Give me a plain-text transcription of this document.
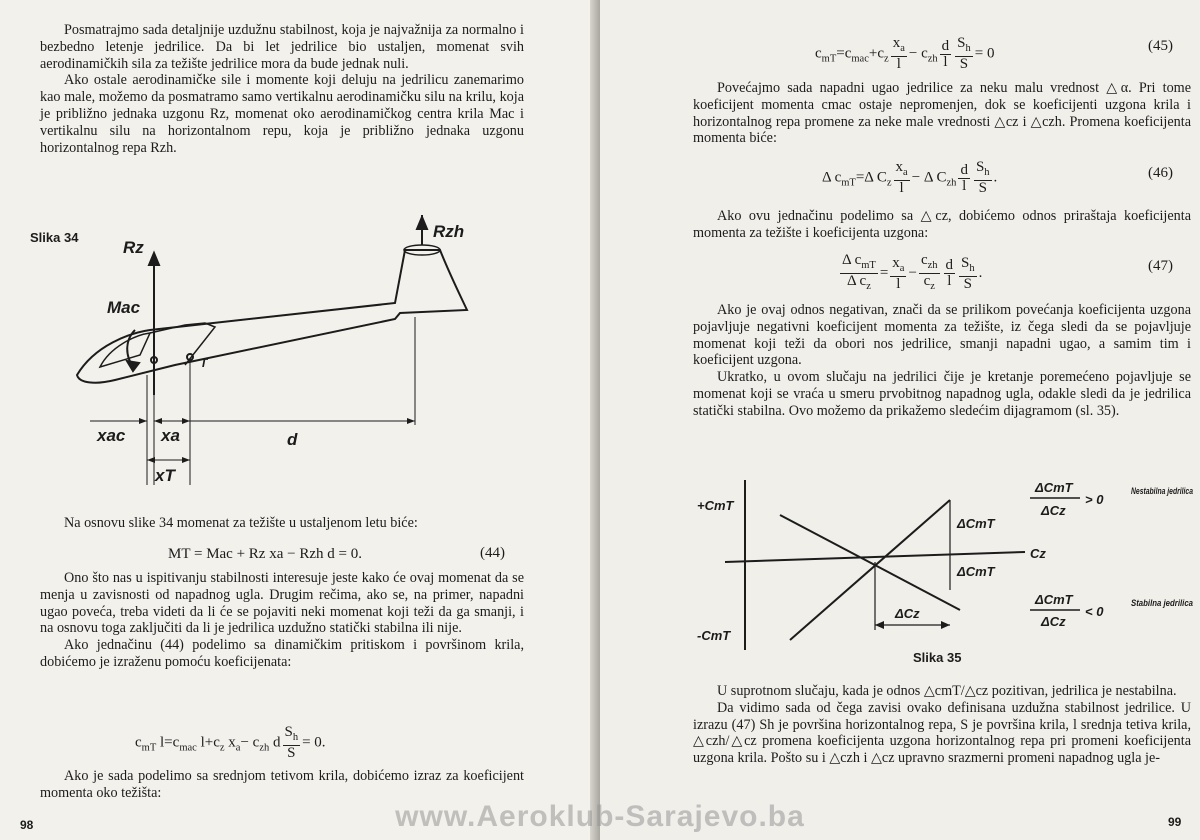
Posmatrajmo sada detaljnije uzdužnu stabilnost, koja je najvažnija za normalno i bezbedno letenje jedrilice. Da bi let jedrilice bio ustaljen, momenat svih aerodinamičkih sila za težište jedrilice mora da bude jednak nuli.

Ako ostale aerodinamičke sile i momente koji deluju na jedrilicu zanemarimo kao male, možemo da posmatramo samo vertikalnu aerodinamičku silu na krilu, koja je približno jednaka uzgonu Rz, momenat oko aerodinamičkog centra krila Mac i vertikalnu silu na horizontalnom repu, koja je približno jednaka uzgonu horizontalnog repa Rzh.

Slika 34
Rz
Rzh
Mac
T
xac xa	d
xT

Na osnovu slike 34 momenat za težište u ustaljenom letu biće:

MT = Mac + Rz xa − Rzh d = 0.	(44)

Ono što nas u ispitivanju stabilnosti interesuje jeste kako će ovaj momenat da se menja u zavisnosti od napadnog ugla. Drugim rečima, ako se, na primer, napadni ugao poveća, treba videti da li će se pojaviti neki momenat koji teži da ga smanji, i na osnovu toga zaključiti da li je jedrilica uzdužno statički stabilna ili nije.

Ako jednačinu (44) podelimo sa dinamičkim pritiskom i površinom krila, dobićemo je izraženu pomoću koeficijenata:

$c_{mT}$ $l=c_{mac}$ $l+c_z$ $x_a- c_{zh}$ d $\frac{S_h}{S} = 0$.

Ako je sada podelimo sa srednjom tetivom krila, dobićemo izraz za koeficijent momenta oko težišta:

98
$c_{mT}=c_{mac}+c_z \frac{x_a}{l} - c_{zh} \frac{d}{l} \frac{S_h}{S} = 0$	(45)

Povećajmo sada napadni ugao jedrilice za neku malu vrednost △α. Pri tome koeficijent momenta cmac ostaje nepromenjen, dok se koeficijenti uzgona krila i horizontalnog repa promene za neke male vrednosti △cz i △czh. Promena koeficijenta momenta biće:

Δ $c_{mT}=\Delta$ $C_z \frac{x_a}{l} - \Delta$ $C_{zh} \frac{d}{l} \frac{S_h}{S}$ .	(46)

Ako ovu jednačinu podelimo sa △cz, dobićemo odnos priraštaja koeficijenta momenta za težište i koeficijenta uzgona:

$\frac{\Delta c_{mT}}{\Delta c_z} = \frac{x_a}{l} - \frac{c_{zh}}{c_z} \frac{d}{l} \frac{S_h}{S}$ .	(47)

Ako je ovaj odnos negativan, znači da se prilikom povećanja koeficijenta uzgona pojavljuje negativni koeficijent momenta za težište, iz čega sledi da se pojavljuje momenat koji teži da obori nos jedrilice, smanji napadni ugao, a samim tim i koeficijent uzgona.

Ukratko, u ovom slučaju na jedrilici čije je kretanje poremećeno pojavljuje se momenat koji se vraća u smeru prvobitnog napadnog ugla, odakle sledi da je jedrilica statički stabilna. Ovo možemo da prikažemo sledećim dijagramom (sl. 35).

+CmT
-CmT
Cz
ΔCmT
ΔCmT
ΔCz
ΔCmT
ΔCz
> 0
ΔCmT
ΔCz
< 0
Nestabilna jedrilica
Stabilna jedrilica
Slika 35

U suprotnom slučaju, kada je odnos △cmT/△cz pozitivan, jedrilica je nestabilna.

Da vidimo sada od čega zavisi ovako definisana uzdužna stabilnost jedrilice. U izrazu (47) Sh je površina horizontalnog repa, S je površina krila, l srednja tetiva krila, △czh/△cz promena koeficijenta uzgona horizontalnog repa pri promeni koeficijenta uzgona krila. Pošto su i △czh i △cz upravno srazmerni promeni napadnog ugla je-

99
www.Aeroklub-Sarajevo.ba
